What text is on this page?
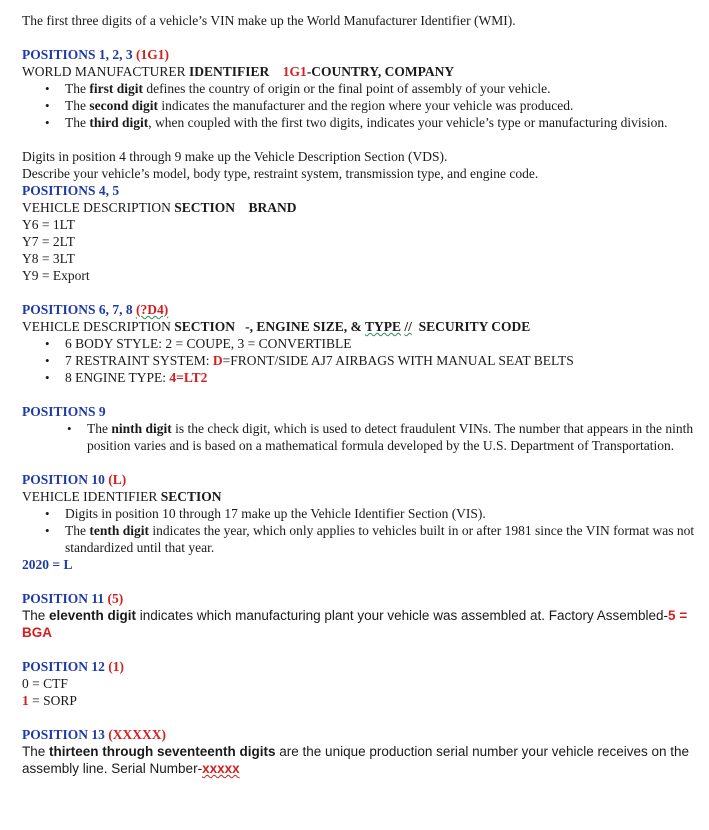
The first three digits of a vehicle’s VIN make up the World Manufacturer Identifier (WMI).

POSITIONS 1, 2, 3 (1G1)

WORLD MANUFACTURER IDENTIFIER 1G1-COUNTRY, COMPANY

• The first digit defines the country of origin or the final point of assembly of your vehicle.
• The second digit indicates the manufacturer and the region where your vehicle was produced.
• The third digit, when coupled with the first two digits, indicates your vehicle’s type or manufacturing division.

Digits in position 4 through 9 make up the Vehicle Description Section (VDS).

Describe your vehicle’s model, body type, restraint system, transmission type, and engine code.

POSITIONS 4, 5

VEHICLE DESCRIPTION SECTION BRAND

Y6 = 1LT

Y7 = 2LT

Y8 = 3LT

Y9 = Export

POSITIONS 6, 7, 8 (?D4)

VEHICLE DESCRIPTION SECTION -, ENGINE SIZE, & TYPE // SECURITY CODE

• 6 BODY STYLE: 2 = COUPE, 3 = CONVERTIBLE
• 7 RESTRAINT SYSTEM: D=FRONT/SIDE AJ7 AIRBAGS WITH MANUAL SEAT BELTS
• 8 ENGINE TYPE: 4=LT2

POSITIONS 9

• The ninth digit is the check digit, which is used to detect fraudulent VINs. The number that appears in the ninth position varies and is based on a mathematical formula developed by the U.S. Department of Transportation.

POSITION 10 (L)

VEHICLE IDENTIFIER SECTION

• Digits in position 10 through 17 make up the Vehicle Identifier Section (VIS).
• The tenth digit indicates the year, which only applies to vehicles built in or after 1981 since the VIN format was not standardized until that year.

2020 = L

POSITION 11 (5)

The eleventh digit indicates which manufacturing plant your vehicle was assembled at. Factory Assembled-5 = BGA

POSITION 12 (1)

0 = CTF

1 = SORP

POSITION 13 (XXXXX)

The thirteen through seventeenth digits are the unique production serial number your vehicle receives on the assembly line. Serial Number-xxxxx
